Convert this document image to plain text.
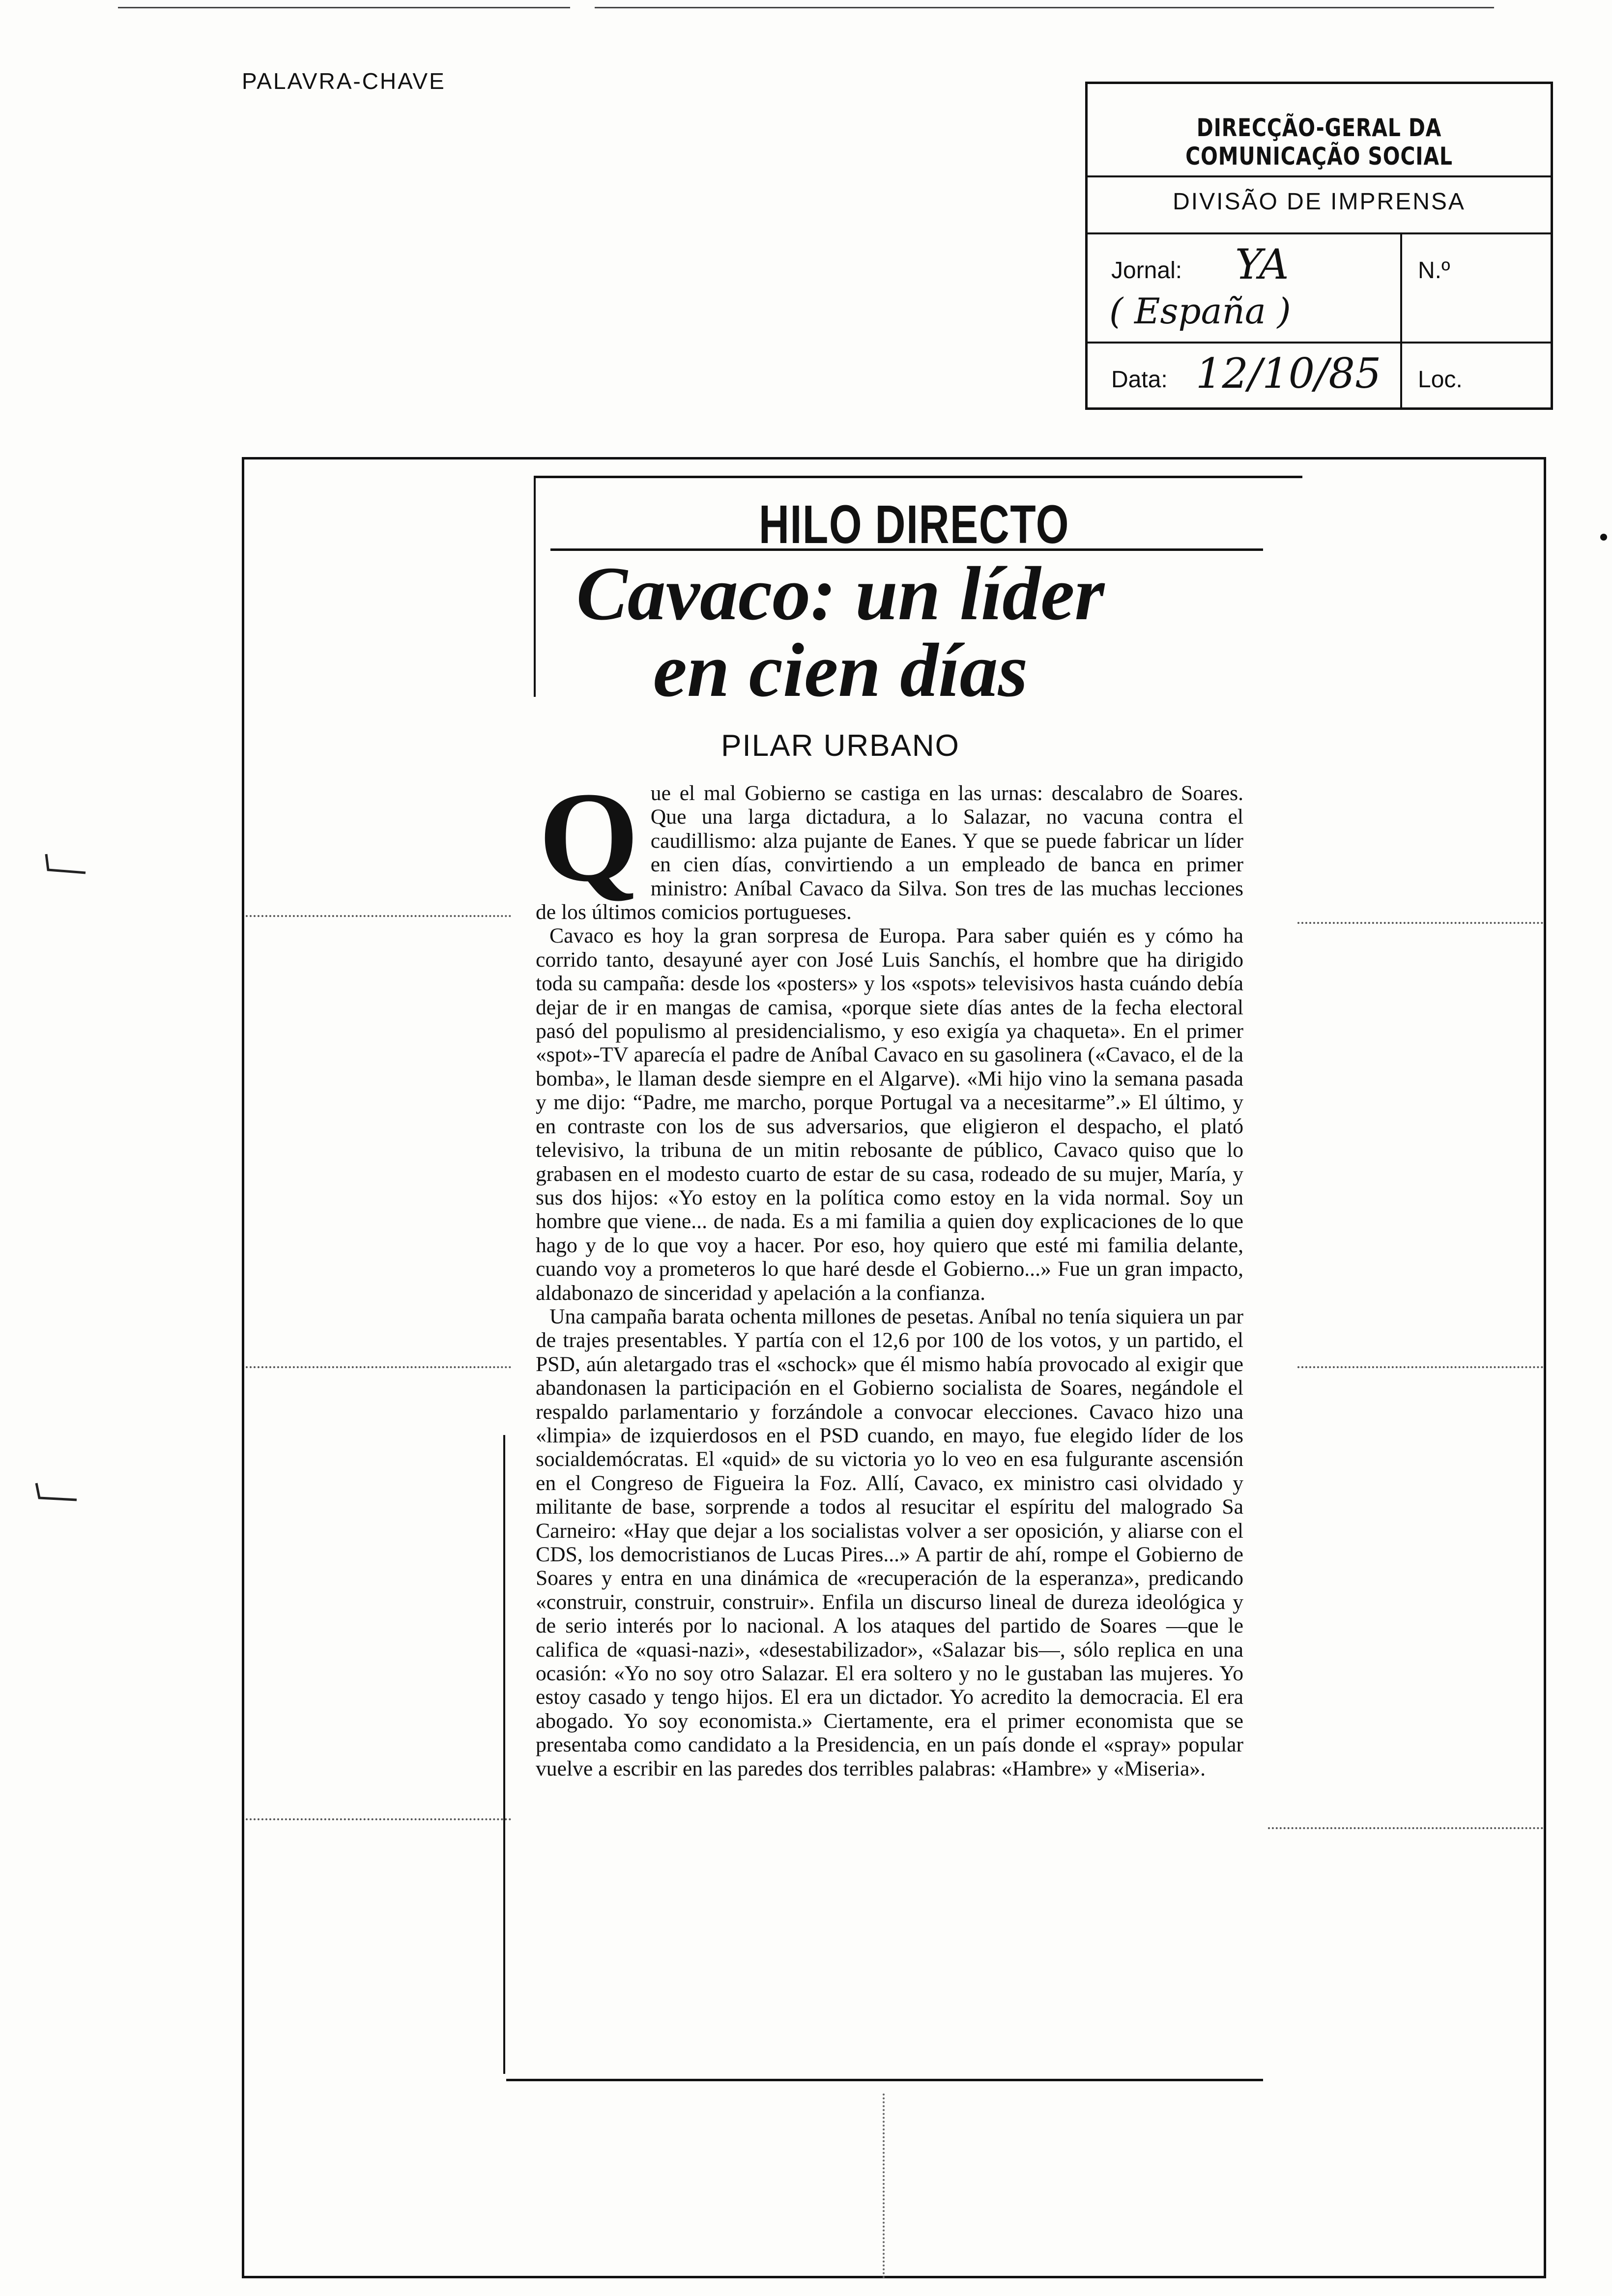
PALAVRA-CHAVE
DIRECÇÃO-GERAL DA COMUNICAÇÃO SOCIAL
DIVISÃO DE IMPRENSA
Jornal: YA
( España )
N.º
Data: 12/10/85 Loc.
HILO DIRECTO
Cavaco: un líder
en cien días
PILAR URBANO
Q ue el mal Gobierno se castiga en las urnas: descalabro de Soares. Que una larga dictadura, a lo Salazar, no vacuna contra el caudillismo: alza pujante de Eanes. Y que se puede fabricar un líder en cien días, convirtiendo a un empleado de banca en primer ministro: Aníbal Cavaco da Silva. Son tres de las muchas lecciones de los últimos comicios portugueses.

Cavaco es hoy la gran sorpresa de Europa. Para saber quién es y cómo ha corrido tanto, desayuné ayer con José Luis Sanchís, el hombre que ha dirigido toda su campaña: desde los «posters» y los «spots» televisivos hasta cuándo debía dejar de ir en mangas de camisa, «porque siete días antes de la fecha electoral pasó del populismo al presidencialismo, y eso exigía ya chaqueta». En el primer «spot»-TV aparecía el padre de Aníbal Cavaco en su gasolinera («Cavaco, el de la bomba», le llaman desde siempre en el Algarve). «Mi hijo vino la semana pasada y me dijo: “Padre, me marcho, porque Portugal va a necesitarme”.» El último, y en contraste con los de sus adversarios, que eligieron el despacho, el plató televisivo, la tribuna de un mitin rebosante de público, Cavaco quiso que lo grabasen en el modesto cuarto de estar de su casa, rodeado de su mujer, María, y sus dos hijos: «Yo estoy en la política como estoy en la vida normal. Soy un hombre que viene... de nada. Es a mi familia a quien doy explicaciones de lo que hago y de lo que voy a hacer. Por eso, hoy quiero que esté mi familia delante, cuando voy a prometeros lo que haré desde el Gobierno...» Fue un gran impacto, aldabonazo de sinceridad y apelación a la confianza.

Una campaña barata ochenta millones de pesetas. Aníbal no tenía siquiera un par de trajes presentables. Y partía con el 12,6 por 100 de los votos, y un partido, el PSD, aún aletargado tras el «schock» que él mismo había provocado al exigir que abandonasen la participación en el Gobierno socialista de Soares, negándole el respaldo parlamentario y forzándole a convocar elecciones. Cavaco hizo una «limpia» de izquierdosos en el PSD cuando, en mayo, fue elegido líder de los socialdemócratas. El «quid» de su victoria yo lo veo en esa fulgurante ascensión en el Congreso de Figueira la Foz. Allí, Cavaco, ex ministro casi olvidado y militante de base, sorprende a todos al resucitar el espíritu del malogrado Sa Carneiro: «Hay que dejar a los socialistas volver a ser oposición, y aliarse con el CDS, los democristianos de Lucas Pires...» A partir de ahí, rompe el Gobierno de Soares y entra en una dinámica de «recuperación de la esperanza», predicando «construir, construir, construir». Enfila un discurso lineal de dureza ideológica y de serio interés por lo nacional. A los ataques del partido de Soares —que le califica de «quasi-nazi», «desestabilizador», «Salazar bis—, sólo replica en una ocasión: «Yo no soy otro Salazar. El era soltero y no le gustaban las mujeres. Yo estoy casado y tengo hijos. El era un dictador. Yo acredito la democracia. El era abogado. Yo soy economista.» Ciertamente, era el primer economista que se presentaba como candidato a la Presidencia, en un país donde el «spray» popular vuelve a escribir en las paredes dos terribles palabras: «Hambre» y «Miseria».
